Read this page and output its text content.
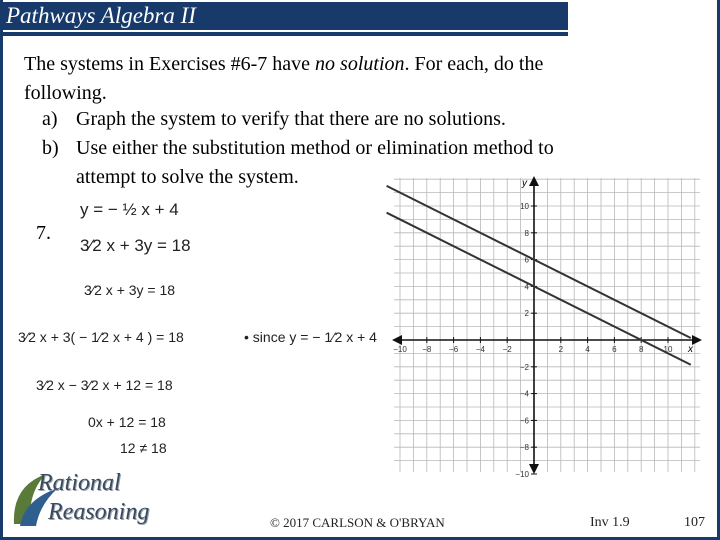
Pathways Algebra II
The systems in Exercises #6-7 have no solution. For each, do the
following.
a) Graph the system to verify that there are no solutions.
b) Use either the substitution method or elimination method to
attempt to solve the system.
7.
y = − ½ x + 4
3⁄2 x + 3y = 18
3⁄2 x + 3y = 18
3⁄2 x + 3( − 1⁄2 x + 4 ) = 18
3⁄2 x − 3⁄2 x + 12 = 18
0x + 12 = 18
12 ≠ 18
• since y = − 1⁄2 x + 4
x
y
−10 −8 −6 −4 −2	2	4	6	8	10
10
8
6
4
2
−2
−4
−6
−8
−10
Rational
Reasoning	© 2017 CARLSON & O'BRYAN	Inv 1.9	107
